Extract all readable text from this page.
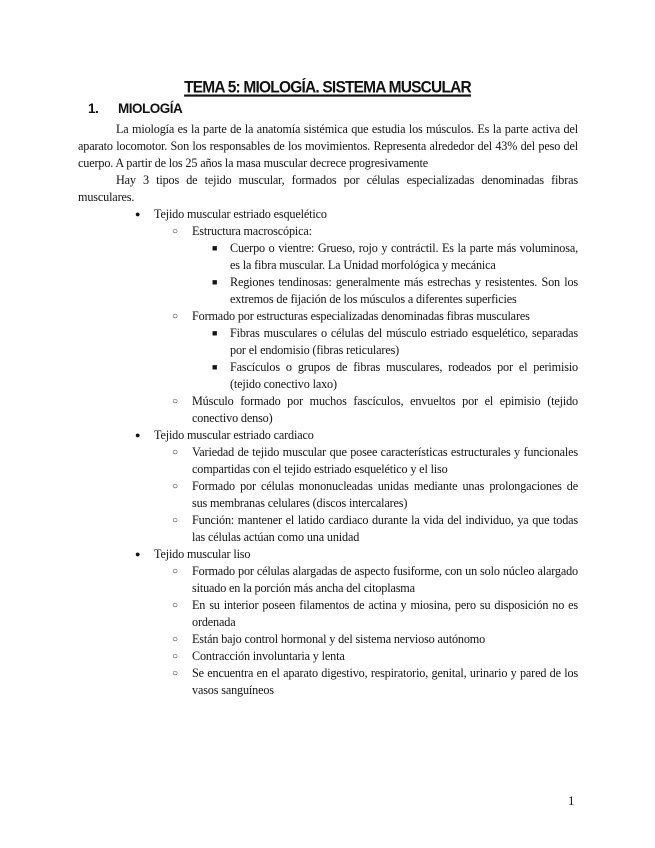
TEMA 5: MIOLOGÍA. SISTEMA MUSCULAR
1. MIOLOGÍA

La miología es la parte de la anatomía sistémica que estudia los músculos. Es la parte activa del aparato locomotor. Son los responsables de los movimientos. Representa alrededor del 43% del peso del cuerpo. A partir de los 25 años la masa muscular decrece progresivamente

Hay 3 tipos de tejido muscular, formados por células especializadas denominadas fibras musculares.

● Tejido muscular estriado esquelético
○ Estructura macroscópica:
■ Cuerpo o vientre: Grueso, rojo y contráctil. Es la parte más voluminosa, es la fibra muscular. La Unidad morfológica y mecánica
■ Regiones tendinosas: generalmente más estrechas y resistentes. Son los extremos de fijación de los músculos a diferentes superficies
○ Formado por estructuras especializadas denominadas fibras musculares
■ Fibras musculares o células del músculo estriado esquelético, separadas por el endomisio (fibras reticulares)
■ Fascículos o grupos de fibras musculares, rodeados por el perimisio (tejido conectivo laxo)
○ Músculo formado por muchos fascículos, envueltos por el epimisio (tejido conectivo denso)
● Tejido muscular estriado cardiaco
○ Variedad de tejido muscular que posee características estructurales y funcionales compartidas con el tejido estriado esquelético y el liso
○ Formado por células mononucleadas unidas mediante unas prolongaciones de sus membranas celulares (discos intercalares)
○ Función: mantener el latido cardiaco durante la vida del individuo, ya que todas las células actúan como una unidad
● Tejido muscular liso
○ Formado por células alargadas de aspecto fusiforme, con un solo núcleo alargado situado en la porción más ancha del citoplasma
○ En su interior poseen filamentos de actina y miosina, pero su disposición no es ordenada
○ Están bajo control hormonal y del sistema nervioso autónomo
○ Contracción involuntaria y lenta
○ Se encuentra en el aparato digestivo, respiratorio, genital, urinario y pared de los vasos sanguíneos
1
